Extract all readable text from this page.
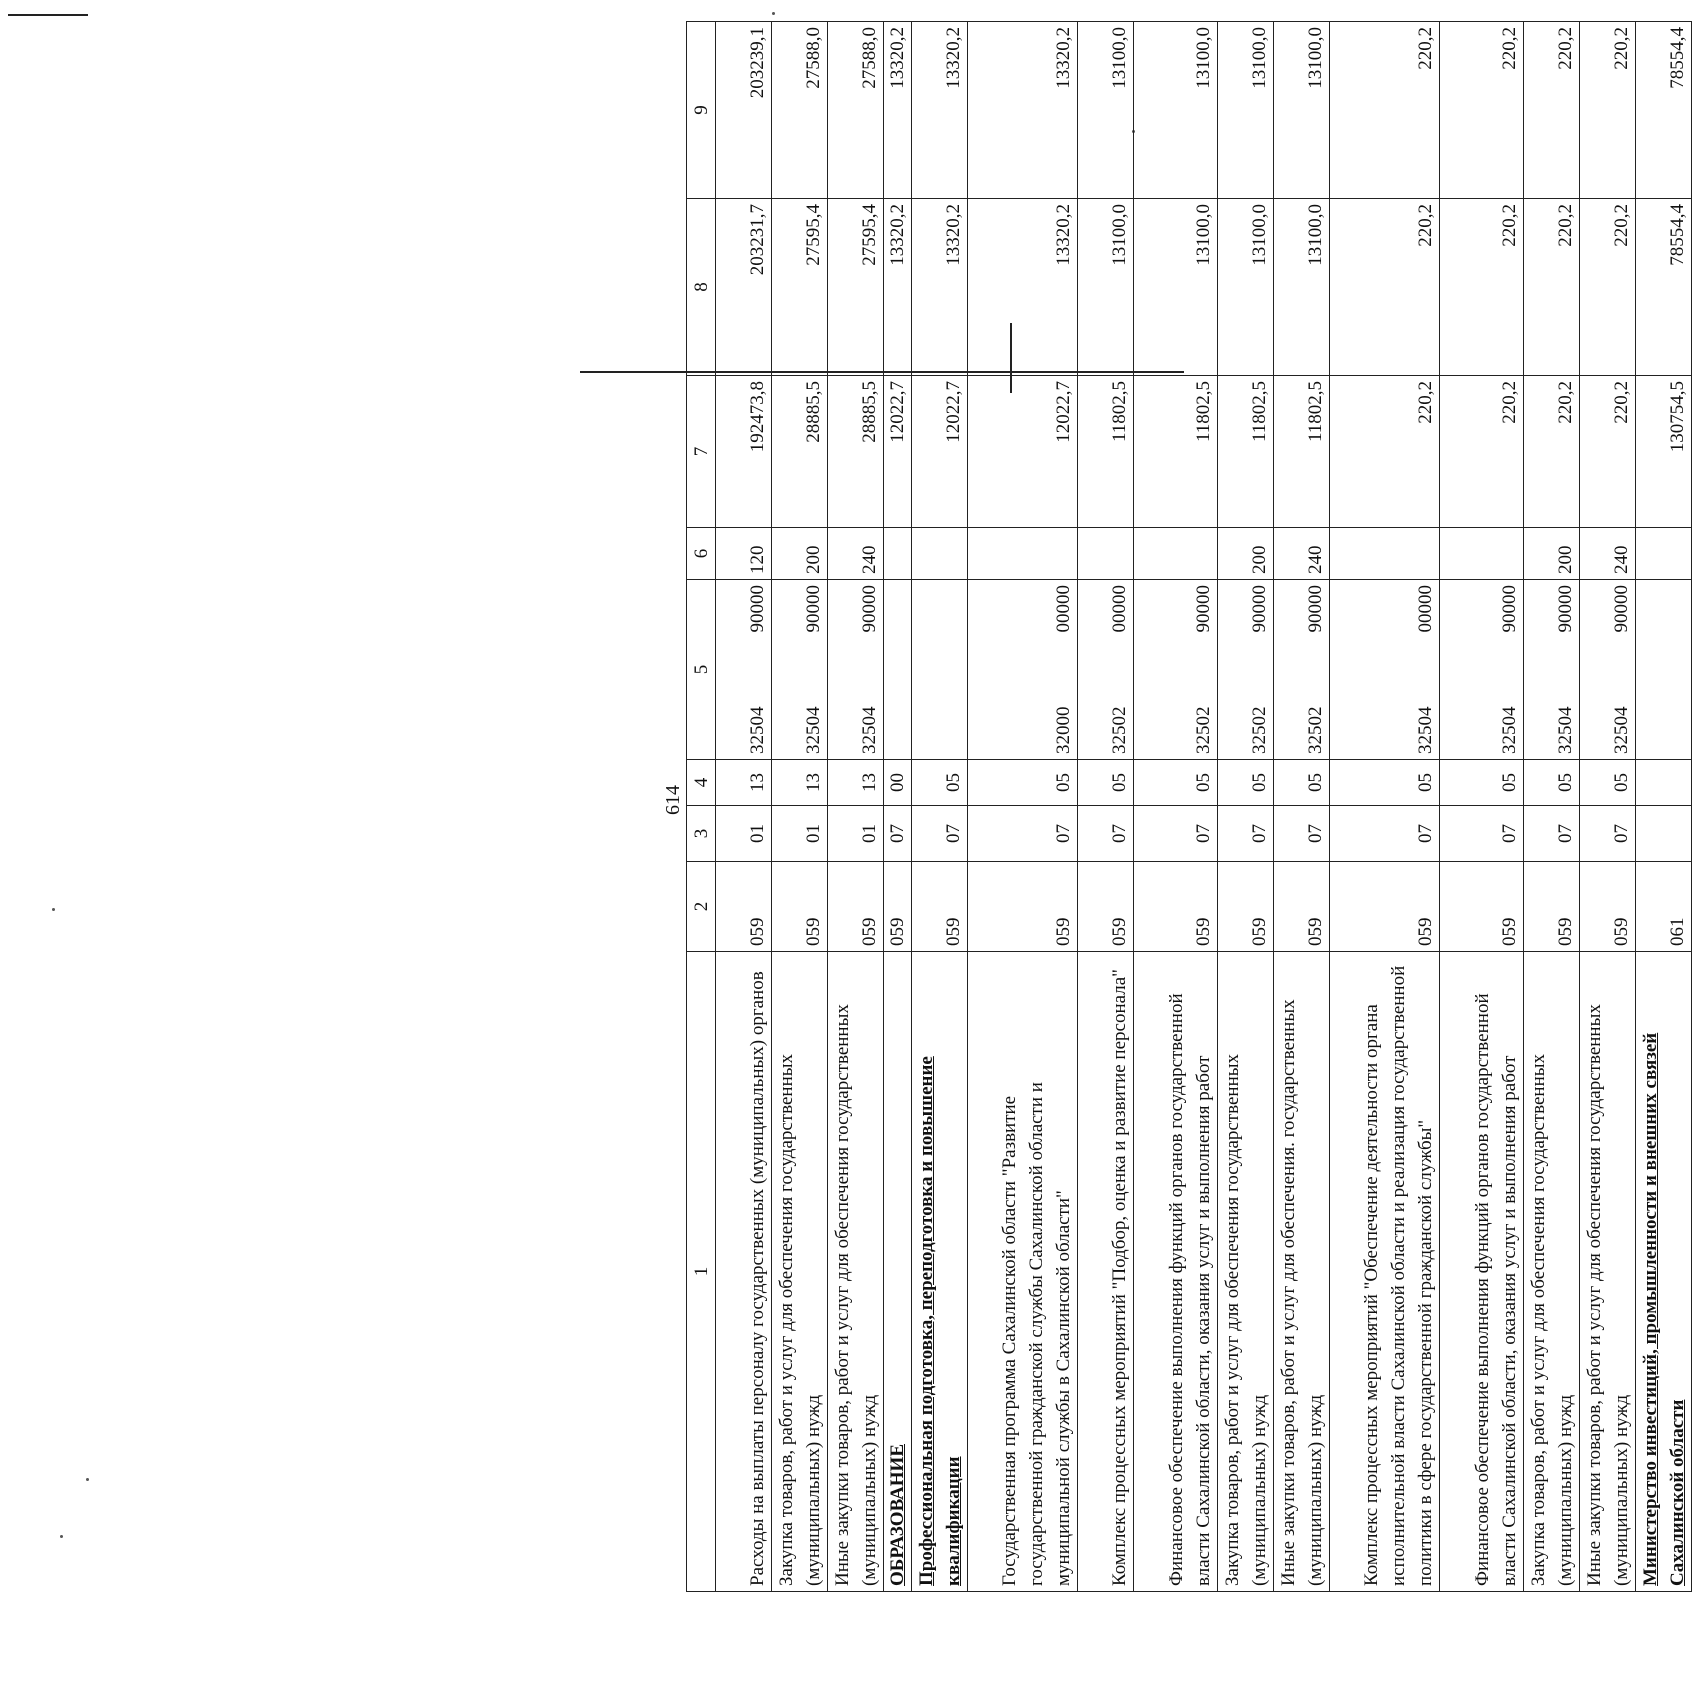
614
1	2	3	4	5	6	7	8	9
Расходы на выплаты персоналу государственных (муниципальных) органов	059	01	13	3250490000	120	192473,8	203231,7	203239,1
Закупка товаров, работ и услуг для обеспечения государственных (муниципальных) нужд	059	01	13	3250490000	200	28885,5	27595,4	27588,0
Иные закупки товаров, работ и услуг для обеспечения государственных (муниципальных) нужд	059	01	13	3250490000	240	28885,5	27595,4	27588,0
ОБРАЗОВАНИЕ	059	07	00			12022,7	13320,2	13320,2
Профессиональная подготовка, переподготовка и повышение квалификации	059	07	05			12022,7	13320,2	13320,2
Государственная программа Сахалинской области "Развитие государственной гражданской службы Сахалинской области и муниципальной службы в Сахалинской области"	059	07	05	3200000000		12022,7	13320,2	13320,2
Комплекс процессных мероприятий "Подбор, оценка и развитие персонала"	059	07	05	3250200000		11802,5	13100,0	13100,0
Финансовое обеспечение выполнения функций органов государственной власти Сахалинской области, оказания услуг и выполнения работ	059	07	05	3250290000		11802,5	13100,0	13100,0
Закупка товаров, работ и услуг для обеспечения государственных (муниципальных) нужд	059	07	05	3250290000	200	11802,5	13100,0	13100,0
Иные закупки товаров, работ и услуг для обеспечения. государственных (муниципальных) нужд	059	07	05	3250290000	240	11802,5	13100,0	13100,0
Комплекс процессных мероприятий "Обеспечение деятельности органа исполнительной власти Сахалинской области и реализация государственной политики в сфере государственной гражданской службы"	059	07	05	3250400000		220,2	220,2	220,2
Финансовое обеспечение выполнения функций органов государственной власти Сахалинской области, оказания услуг и выполнения работ	059	07	05	3250490000		220,2	220,2	220,2
Закупка товаров, работ и услуг для обеспечения государственных (муниципальных) нужд	059	07	05	3250490000	200	220,2	220,2	220,2
Иные закупки товаров, работ и услуг для обеспечения государственных (муниципальных) нужд	059	07	05	3250490000	240	220,2	220,2	220,2
Министерство инвестиций, промышленности и внешних связей Сахалинской области	061					130754,5	78554,4	78554,4
